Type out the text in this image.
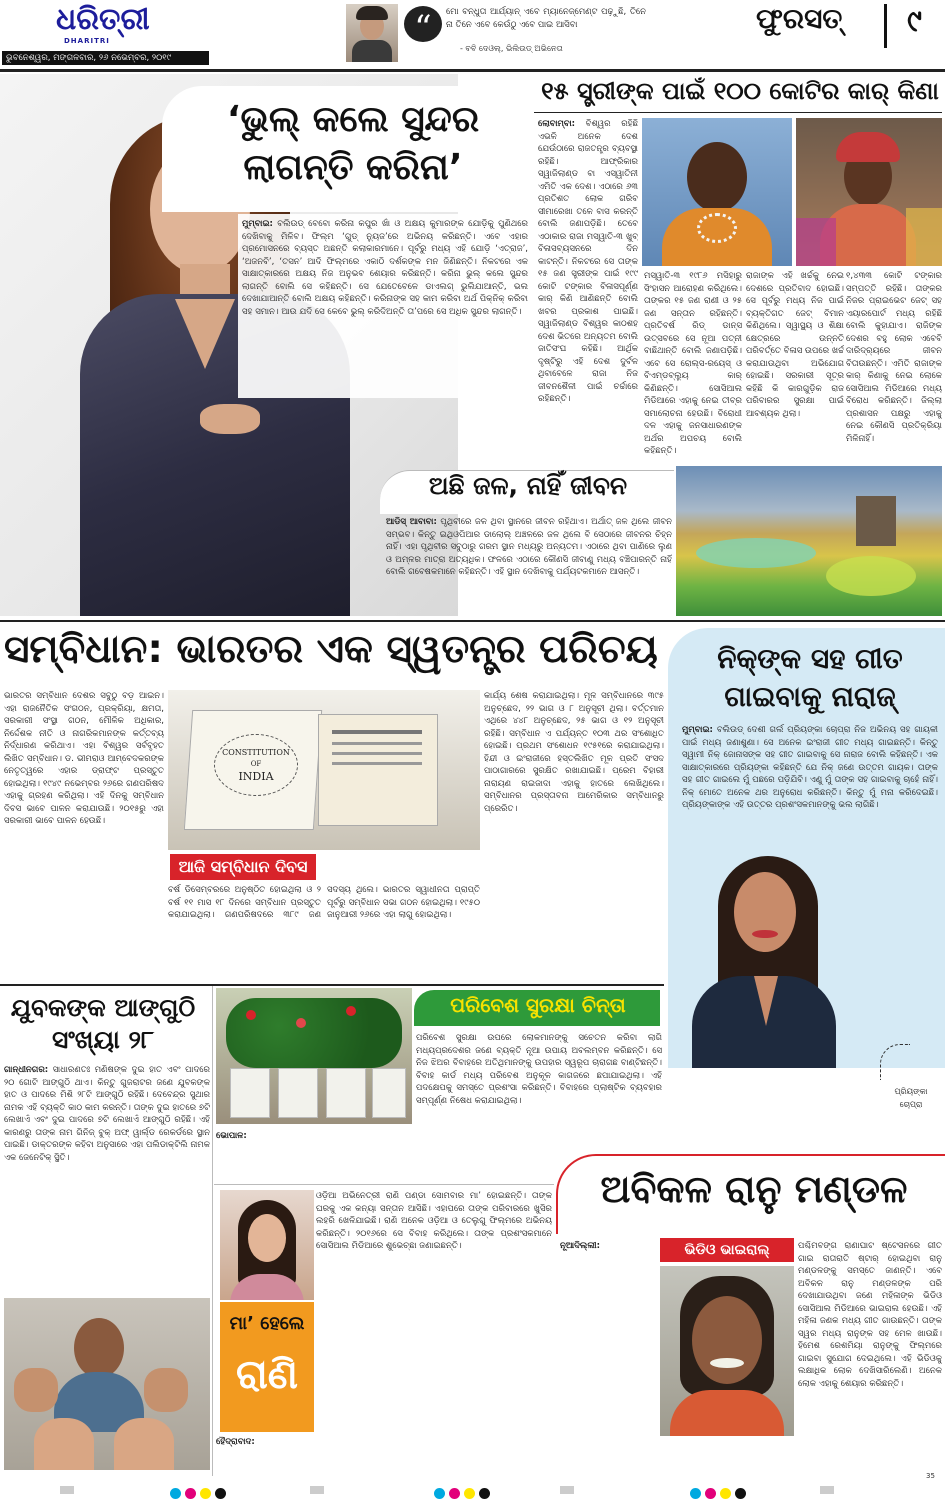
ଧରିତ୍ରୀ
DHARITRI
ଭୁବନେଶ୍ୱର, ମଙ୍ଗଳବାର, ୨୬ ନଭେମ୍ବର, ୨୦୧୯
“	ମୋ ବନ୍ଧୁତା ଆର୍ଯ୍ୟାନ୍ ଏବେ ମ୍ୟାନେଜ୍‌ମେଣ୍ଟ ପଢ଼ୁଛି, ତିନେ ନା ତିନେ ଏବେ କେଉଁଠୁ ଏବେ ପାଇ ଆସିବା
- ବବି ଦେଓଲ୍, ଭିଲିଉଡ୍ ଅଭିନେତା
ଫୁରସତ୍	୯
‘ଭୁଲ୍ କଲେ ସୁନ୍ଦର ଲାଗନ୍ତି କରିନା’
ମୁମ୍ବାଇ: ବଲିଉଡ୍ ବେବୋ କରିନା କପୁର ଖାଁ ଓ ଅକ୍ଷୟ କୁମାରଙ୍କ ଯୋଡ଼ିକୁ ପୁଣିଥରେ ଦେଖିବାକୁ ମିଳିବ। ଫିଲ୍ମ ‘ଗୁଡ୍ ନ୍ୟୁଜ’ରେ ଅଭିନୟ କରିଛନ୍ତି। ଏବେ ଏହାର ପ୍ରମୋସନରେ ବ୍ୟସ୍ତ ଅଛନ୍ତି କଲାକାରମାନେ। ପୂର୍ବରୁ ମଧ୍ୟ ଏହି ଯୋଡ଼ି ‘ଏତ୍ରାଜ’, ‘ଅଜନବି’, ‘ତସନ’ ଆଦି ଫିଲ୍ମରେ ଏକାଠି ଦର୍ଶକଙ୍କ ମନ ଜିଣିଛନ୍ତି। ନିକଟରେ ଏକ ସାକ୍ଷାତ୍‌କାରରେ ଅକ୍ଷୟ ନିଜ ଅନୁଭବ ଶେୟାର କରିଛନ୍ତି। କରିନା ଭୁଲ୍ କଲେ ସୁନ୍ଦର ଲାଗନ୍ତି ବୋଲି ସେ କହିଛନ୍ତି। ସେ ଯେତେବେଳେ ଡାଏଲଗ୍ ଭୁଲିଯାଆନ୍ତି, ଭଲ ଦେଖାଯାଆନ୍ତି ବୋଲି ଅକ୍ଷୟ କହିଛନ୍ତି। କରିନାଙ୍କ ସହ କାମ କରିବା ଅର୍ଥ ପିକ୍‌ନିକ୍ କରିବା ସହ ସମାନ। ଆଉ ଯଦି ସେ କେବେ ଭୁଲ୍ କରିଦିଅନ୍ତି ତା’ପରେ ସେ ଅଧିକ ସୁନ୍ଦର ଲାଗନ୍ତି।
୧୫ ସ୍ତ୍ରୀଙ୍କ ପାଇଁ ୧୦୦ କୋଟିର କାର୍ କିଣା
ଲୋବାମ୍ବା: ବିଶ୍ୱର ରହିଛି ଏଭଳି ଅନେକ ଦେଶ ଯେଉଁଠାରେ ରାଜତନ୍ତ୍ର ବ୍ୟବସ୍ଥା ରହିଛି। ଆଫ୍ରିକାର ସ୍ୱାଜିଲାଣ୍ଡ ବା ଏସ୍ୱାତିନୀ ଏମିତି ଏକ ଦେଶ। ଏଠାରେ ୬୩ ପ୍ରତିଶତ ଲୋକ ଗରିବ ସୀମାରେଖା ତଳେ ବାସ କରନ୍ତି ବୋଲି ଜଣାପଡ଼ିଛି। ତେବେ ଏଠାକାର ରାଜା ମସ୍ୱାତି-୩ ଖୁବ୍ ବିଳାସବ୍ୟସନରେ ଦିନ କାଟନ୍ତି। ନିକଟରେ ସେ ତାଙ୍କ ୧୫ ଜଣ ସ୍ତ୍ରୀଙ୍କ ପାଇଁ ୧୯୯ କୋଟି ଟଙ୍କାର ବିଳାସପୂର୍ଣ୍ଣ କାର୍ କିଣି ଆଣିଛନ୍ତି ବୋଲି ଖବର ପ୍ରକାଶ ପାଇଛି। ସ୍ୱାଜିଲାଣ୍ଡ ବିଶ୍ୱର କାଠଶହ ଦେଶ ଭିତରେ ଅନ୍ୟତମ ବୋଲି ଜାତିସଂଘ କହିଛି। ଆର୍ଥିକ ଦୃଷ୍ଟିରୁ ଏହି ଦେଶ ଦୁର୍ବଳ ଥିବାବେଳେ ରାଜା ନିଜ ଜୀବନଶୈଳୀ ପାଇଁ ଚର୍ଚ୍ଚାରେ ରହିଛନ୍ତି।
ମସ୍ୱାତି-୩ ୧୯୮୬ ମସିହାରୁ ସିଂହାସନ ଆରୋହଣ କରିଥିଲେ। ତାଙ୍କର ୧୫ ଜଣ ରାଣୀ ଓ ୨୫ ଜଣ ସନ୍ତାନ ରହିଛନ୍ତି। ପ୍ରତିବର୍ଷ ରିଡ୍ ଡାନ୍ସ ଉତ୍ସବରେ ସେ ନୂଆ ପତ୍ନୀ ବାଛିଥାନ୍ତି ବୋଲି ଜଣାପଡ଼ିଛି। ଏବେ ସେ ରୋଲ୍ସ-ରୟେସ୍ ଓ ବିଏମ୍‌ଡବ୍ଲ୍ୟୁ କାର୍ କିଣିଛନ୍ତି। ସୋସିଆଲ ମିଡିଆରେ ଏହାକୁ ନେଇ ତୀବ୍ର ସମାଲୋଚନା ହେଉଛି। ବିରୋଧୀ ଦଳ ଏହାକୁ ଜନସାଧାରଣଙ୍କ ଅର୍ଥର ଅପଚୟ ବୋଲି କହିଛନ୍ତି।
ରାଜାଙ୍କ ଏହି ଖର୍ଚ୍ଚକୁ ନେଇ ଦେଶରେ ପ୍ରତିବାଦ ହୋଇଛି। ସେ ପୂର୍ବରୁ ମଧ୍ୟ ନିଜ ପାଇଁ ବ୍ୟକ୍ତିଗତ ଜେଟ୍ ବିମାନ କିଣିଥିଲେ। ସ୍ୱାସ୍ଥ୍ୟ ଓ ଶିକ୍ଷା କ୍ଷେତ୍ରରେ ଉନ୍ନତି ପରିବର୍ତ୍ତେ ବିଳାସ ଉପରେ ଖର୍ଚ୍ଚ କରାଯାଉଥିବା ଅଭିଯୋଗ ହୋଇଛି। ସରକାରୀ ସୂତ୍ର କହିଛି କି କାରଗୁଡ଼ିକ ରାଜ ପରିବାରର ସୁରକ୍ଷା ପାଇଁ ଆବଶ୍ୟକ ଥିଲା।
୧,୪୩୩ କୋଟି ଟଙ୍କାର ସମ୍ପତ୍ତି ରହିଛି। ତାଙ୍କର ନିଜର ପ୍ରାଇଭେଟ ଜେଟ୍ ସହ ଏୟାରପୋର୍ଟ ମଧ୍ୟ ରହିଛି ବୋଲି କୁହାଯାଏ। ରାଜିଙ୍କ ଦେଶର ବହୁ ଲୋକ ଏବେବି ଦାରିଦ୍ର୍ୟରେ ଜୀବନ ବିତାଉଛନ୍ତି। ଏମିତି ରାଜାଙ୍କ କାର୍ କିଣାକୁ ନେଇ ଲୋକେ ସୋସିଆଲ ମିଡିଆରେ ମଧ୍ୟ ବିରୋଧ କରିଛନ୍ତି। ଜିଲ୍ଲା ପ୍ରଶାସନ ପକ୍ଷରୁ ଏହାକୁ ନେଇ କୌଣସି ପ୍ରତିକ୍ରିୟା ମିଳିନାହିଁ।
ଅଛି ଜଳ, ନାହିଁ ଜୀବନ
ଆଡିସ୍ ଆବାବା: ପୃଥିବୀରେ ଜଳ ଥିବା ସ୍ଥାନରେ ଜୀବନ ରହିଥାଏ। ଅର୍ଥାତ୍ ଜଳ ଥିଲେ ଜୀବନ ସମ୍ଭବ। କିନ୍ତୁ ଇଥିଓପିଆର ଡାଲୋଲ୍ ଅଞ୍ଚଳରେ ଜଳ ଥିଲେ ବି ସେଠାରେ ଜୀବନର ଚିହ୍ନ ନାହିଁ। ଏହା ପୃଥିବୀର ସବୁଠାରୁ ଗରମ ସ୍ଥାନ ମଧ୍ୟରୁ ଅନ୍ୟତମ। ଏଠାରେ ଥିବା ପାଣିରେ ଲୁଣ ଓ ଅମ୍ଳର ମାତ୍ରା ଅତ୍ୟଧିକ। ଫଳରେ ଏଠାରେ କୌଣସି ଜୀବାଣୁ ମଧ୍ୟ ବଞ୍ଚିପାରନ୍ତି ନାହିଁ ବୋଲି ଗବେଷକମାନେ କହିଛନ୍ତି। ଏହି ସ୍ଥାନ ଦେଖିବାକୁ ପର୍ଯ୍ୟଟକମାନେ ଆସନ୍ତି।
ସମ୍ବିଧାନ: ଭାରତର ଏକ ସ୍ୱତନ୍ତ୍ର ପରିଚୟ
ଭାରତର ସମ୍ବିଧାନ ଦେଶର ସବୁଠୁ ବଡ଼ ଆଇନ। ଏହା ରାଜନୈତିକ ସଂଗଠନ, ପ୍ରକ୍ରିୟା, କ୍ଷମତା, ସରକାରୀ ସଂସ୍ଥା ଗଠନ, ମୌଳିକ ଅଧିକାର, ନିର୍ଦ୍ଦେଶକ ନୀତି ଓ ନାଗରିକମାନଙ୍କ କର୍ତ୍ତବ୍ୟ ନିର୍ଦ୍ଧାରଣ କରିଥାଏ। ଏହା ବିଶ୍ୱର ସର୍ବବୃହତ ଲିଖିତ ସମ୍ବିଧାନ। ଡ. ଭୀମରାଓ ଆମ୍ବେଦକରଙ୍କ ନେତୃତ୍ୱରେ ଏହାର ଡ୍ରାଫ୍ଟ ପ୍ରସ୍ତୁତ ହୋଇଥିଲା। ୧୯୪୯ ନଭେମ୍ବର ୨୬ରେ ଗଣପରିଷଦ ଏହାକୁ ଗ୍ରହଣ କରିଥିଲା। ଏହି ଦିନକୁ ସମ୍ବିଧାନ ଦିବସ ଭାବେ ପାଳନ କରାଯାଉଛି। ୨୦୧୫ରୁ ଏହା ସରକାରୀ ଭାବେ ପାଳନ ହେଉଛି।
CONSTITUTION
OF
INDIA
ଆଜି ସମ୍ବିଧାନ ଦିବସ
ବର୍ଷ ଡିସେମ୍ବରରେ ଅନୁଷ୍ଠିତ ହୋଇଥିଲା ଓ ୨ ବର୍ଷ ୧୧ ମାସ ୧୮ ଦିନରେ ସମ୍ବିଧାନ ପ୍ରସ୍ତୁତ କରାଯାଇଥିଲା। ଗଣପରିଷଦରେ ୩୮୯ ଜଣ ସଦସ୍ୟ ଥିଲେ। ଭାରତର ସ୍ୱାଧୀନତା ପ୍ରାପ୍ତି ପୂର୍ବରୁ ସମ୍ବିଧାନ ସଭା ଗଠନ ହୋଇଥିଲା। ୧୯୫୦ ଜାନୁଆରୀ ୨୬ରେ ଏହା ଲାଗୁ ହୋଇଥିଲା।
କାର୍ଯ୍ୟ ଶେଷ କରାଯାଇଥିଲା। ମୂଳ ସମ୍ବିଧାନରେ ୩୯୫ ଅନୁଚ୍ଛେଦ, ୨୨ ଭାଗ ଓ ୮ ଅନୁସୂଚୀ ଥିଲା। ବର୍ତ୍ତମାନ ଏଥିରେ ୪୪୮ ଅନୁଚ୍ଛେଦ, ୨୫ ଭାଗ ଓ ୧୨ ଅନୁସୂଚୀ ରହିଛି। ସମ୍ବିଧାନ ଏ ପର୍ଯ୍ୟନ୍ତ ୧୦୩ ଥର ସଂଶୋଧିତ ହୋଇଛି। ପ୍ରଥମ ସଂଶୋଧନ ୧୯୫୧ରେ କରାଯାଇଥିଲା। ହିନ୍ଦୀ ଓ ଇଂରାଜୀରେ ହସ୍ତଲିଖିତ ମୂଳ ପ୍ରତି ସଂସଦ ପାଠାଗାରରେ ସୁରକ୍ଷିତ ରଖାଯାଇଛି। ପ୍ରେମ ବିହାରୀ ନାରାୟଣ ରାଇଜାଦା ଏହାକୁ ହାତରେ ଲେଖିଥିଲେ। ସମ୍ବିଧାନର ପ୍ରସ୍ତାବନା ଆମେରିକାର ସମ୍ବିଧାନରୁ ପ୍ରେରିତ।
ନିକ୍‌ଙ୍କ ସହ ଗୀତ ଗାଇବାକୁ ନାରାଜ୍
ମୁମ୍ବାଇ: ବଲିଉଡ୍ ଦେଶୀ ଗର୍ଲ ପ୍ରିୟଙ୍କା ଚୋପ୍ରା ନିଜ ଅଭିନୟ ସହ ଗାୟକୀ ପାଇଁ ମଧ୍ୟ ଜଣାଶୁଣା। ସେ ଅନେକ ଇଂରାଜୀ ଗୀତ ମଧ୍ୟ ଗାଇଛନ୍ତି। କିନ୍ତୁ ସ୍ୱାମୀ ନିକ୍ ଜୋନାସଙ୍କ ସହ ଗୀତ ଗାଇବାକୁ ସେ ନାରାଜ ବୋଲି କହିଛନ୍ତି। ଏକ ସାକ୍ଷାତ୍‌କାରରେ ପ୍ରିୟଙ୍କା କହିଛନ୍ତି ଯେ ନିକ୍ ଜଣେ ଉତ୍ତମ ଗାୟକ। ତାଙ୍କ ସହ ଗୀତ ଗାଇଲେ ମୁଁ ପଛରେ ପଡ଼ିଯିବି। ଏଣୁ ମୁଁ ତାଙ୍କ ସହ ଗାଇବାକୁ ଚାହେଁ ନାହିଁ। ନିକ୍ ମୋତେ ଅନେକ ଥର ଅନୁରୋଧ କରିଛନ୍ତି। କିନ୍ତୁ ମୁଁ ମନା କରିଦେଇଛି। ପ୍ରିୟଙ୍କାଙ୍କ ଏହି ଉତ୍ତର ପ୍ରଶଂସକମାନଙ୍କୁ ଭଲ ଲାଗିଛି।
ପ୍ରିୟଙ୍କା ଚୋପ୍ରା
ଯୁବକଙ୍କ ଆଙ୍ଗୁଠି ସଂଖ୍ୟା ୨୮
ଗାନ୍ଧୀନଗର: ସାଧାରଣତଃ ମଣିଷଙ୍କ ଦୁଇ ହାତ ଏବଂ ପାଦରେ ୨୦ ଗୋଟି ଆଙ୍ଗୁଠି ଥାଏ। କିନ୍ତୁ ଗୁଜରାଟର ଜଣେ ଯୁବକଙ୍କ ହାତ ଓ ପାଦରେ ମିଶି ୨୮ଟି ଆଙ୍ଗୁଠି ରହିଛି। ଦେବେନ୍ଦ୍ର ସୁଥାର ନାମକ ଏହି ବ୍ୟକ୍ତି କାଠ କାମ କରନ୍ତି। ତାଙ୍କ ଦୁଇ ହାତରେ ୭ଟି ଲେଖାଏଁ ଏବଂ ଦୁଇ ପାଦରେ ୭ଟି ଲେଖାଏଁ ଆଙ୍ଗୁଠି ରହିଛି। ଏହି କାରଣରୁ ତାଙ୍କ ନାମ ଗିନିଜ୍ ବୁକ୍ ଅଫ୍ ୱାର୍ଲ୍ଡ ରେକର୍ଡରେ ସ୍ଥାନ ପାଇଛି। ଡାକ୍ତରଙ୍କ କହିବା ଅନୁସାରେ ଏହା ପଲିଡାକ୍ଟିଲି ନାମକ ଏକ ଜେନେଟିକ୍ ସ୍ଥିତି।
ପରିବେଶ ସୁରକ୍ଷା ଚିନ୍ତା
ପରିବେଶ ସୁରକ୍ଷା ଉପରେ ଲୋକମାନଙ୍କୁ ସଚେତନ କରିବା ଲାଗି ମଧ୍ୟପ୍ରଦେଶର ଜଣେ ବ୍ୟକ୍ତି ନୂଆ ଉପାୟ ଅବଲମ୍ବନ କରିଛନ୍ତି। ସେ ନିଜ ଝିଅର ବିବାହରେ ଅତିଥିମାନଙ୍କୁ ଉପହାର ସ୍ୱରୂପ ଚାରାଗଛ ବାଣ୍ଟିଛନ୍ତି। ବିବାହ କାର୍ଡ ମଧ୍ୟ ପରିବେଶ ଅନୁକୂଳ କାଗଜରେ ଛପାଯାଇଥିଲା। ଏହି ପଦକ୍ଷେପକୁ ସମସ୍ତେ ପ୍ରଶଂସା କରିଛନ୍ତି। ବିବାହରେ ପ୍ଲାଷ୍ଟିକ ବ୍ୟବହାର ସମ୍ପୂର୍ଣ୍ଣ ନିଷେଧ କରାଯାଇଥିଲା।
ଭୋପାଳ:
ମା’ ହେଲେ
ରାଣି
ଓଡ଼ିଆ ଅଭିନେତ୍ରୀ ରାଣି ପଣ୍ଡା ସୋମବାର ମା’ ହୋଇଛନ୍ତି। ତାଙ୍କ ଘରକୁ ଏକ କନ୍ୟା ସନ୍ତାନ ଆସିଛି। ଏହାପରେ ତାଙ୍କ ପରିବାରରେ ଖୁସିର ଲହରି ଖେଳିଯାଇଛି। ରାଣି ଅନେକ ଓଡ଼ିଆ ଓ ତେଲୁଗୁ ଫିଲ୍ମରେ ଅଭିନୟ କରିଛନ୍ତି। ୨୦୧୬ରେ ସେ ବିବାହ କରିଥିଲେ। ତାଙ୍କ ପ୍ରଶଂସକମାନେ ସୋସିଆଲ ମିଡିଆରେ ଶୁଭେଚ୍ଛା ଜଣାଇଛନ୍ତି।
ହୈଦ୍ରାବାଦ:
ଅବିକଳ ରାନୁ ମଣ୍ଡଳ
ନୂଆଦିଲ୍ଲୀ:	ଭିଡିଓ ଭାଇରାଲ୍	ପଶ୍ଚିମବଙ୍ଗ ରାଣାଘାଟ ଷ୍ଟେସନରେ ଗୀତ ଗାଇ ରାତାରାତି ଷ୍ଟାର୍ ହୋଇଥିବା ରାନୁ ମଣ୍ଡଳଙ୍କୁ ସମସ୍ତେ ଜାଣନ୍ତି। ଏବେ ଅବିକଳ ରାନୁ ମଣ୍ଡଳଙ୍କ ପରି ଦେଖାଯାଉଥିବା ଜଣେ ମହିଳାଙ୍କ ଭିଡିଓ ସୋସିଆଲ ମିଡିଆରେ ଭାଇରାଲ ହେଉଛି। ଏହି ମହିଳା ଜଣକ ମଧ୍ୟ ଗୀତ ଗାଉଛନ୍ତି। ତାଙ୍କ ସ୍ୱର ମଧ୍ୟ ରାନୁଙ୍କ ସହ ମେଳ ଖାଉଛି। ହିମେଶ ରେଶମିୟା ରାନୁଙ୍କୁ ଫିଲ୍ମରେ ଗାଇବା ସୁଯୋଗ ଦେଇଥିଲେ। ଏହି ଭିଡିଓକୁ ଲକ୍ଷାଧିକ ଲୋକ ଦେଖିସାରିଲେଣି। ଅନେକ ଲୋକ ଏହାକୁ ଶେୟାର କରିଛନ୍ତି।
35
